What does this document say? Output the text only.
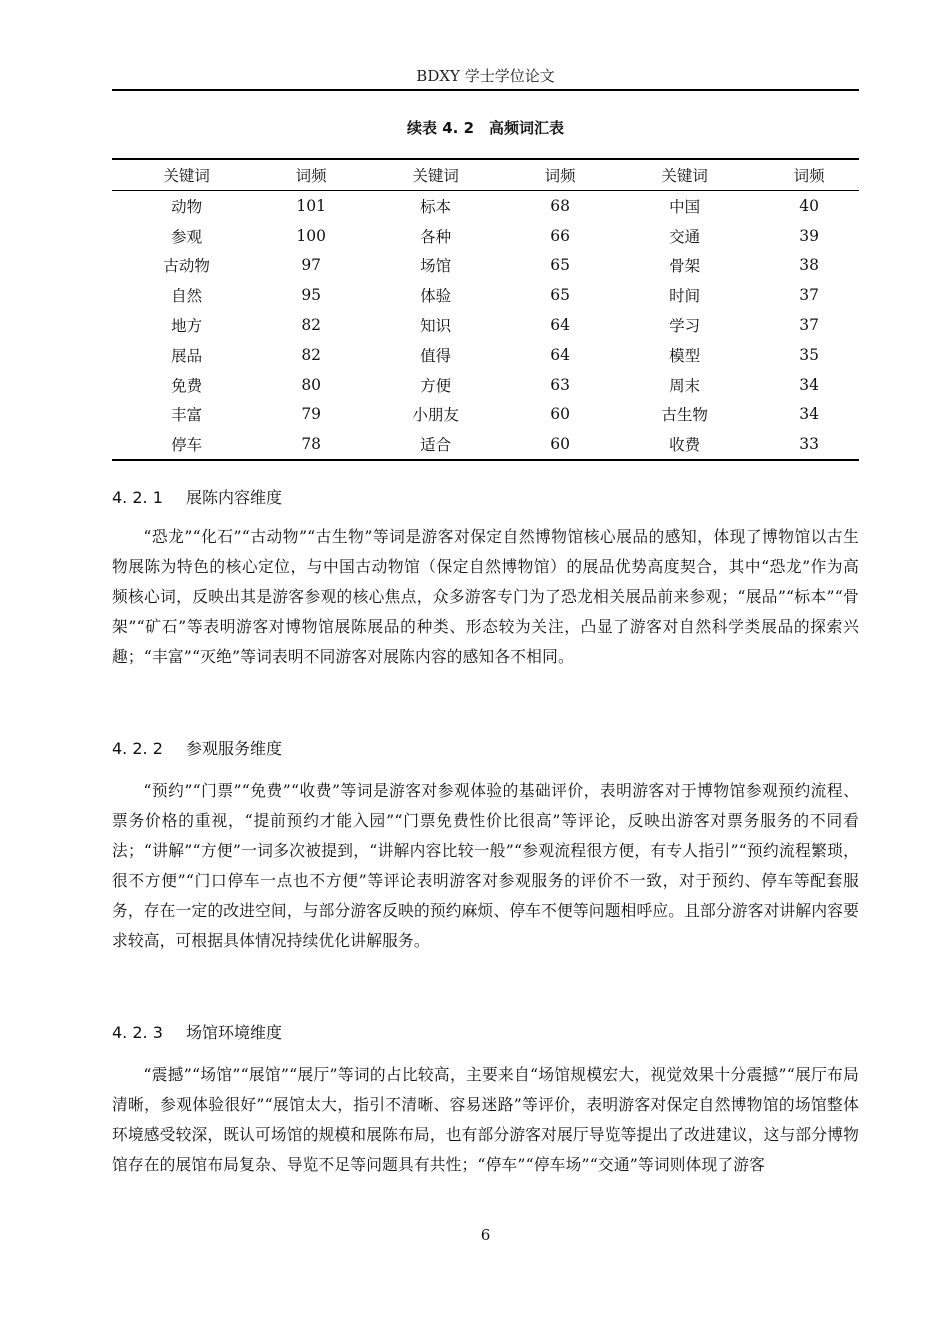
BDXY 学士学位论文
续表 4. 2　高频词汇表
关键词	词频	关键词	词频	关键词	词频
动物	101	标本	68	中国	40
参观	100	各种	66	交通	39
古动物	97	场馆	65	骨架	38
自然	95	体验	65	时间	37
地方	82	知识	64	学习	37
展品	82	值得	64	模型	35
免费	80	方便	63	周末	34
丰富	79	小朋友	60	古生物	34
停车	78	适合	60	收费	33
4. 2. 1 展陈内容维度

“恐龙”“化石”“古动物”“古生物”等词是游客对保定自然博物馆核心展品的感知，体现了博物馆以古生物展陈为特色的核心定位，与中国古动物馆（保定自然博物馆）的展品优势高度契合，其中“恐龙”作为高频核心词，反映出其是游客参观的核心焦点，众多游客专门为了恐龙相关展品前来参观；“展品”“标本”“骨架”“矿石”等表明游客对博物馆展陈展品的种类、形态较为关注，凸显了游客对自然科学类展品的探索兴趣；“丰富”“灭绝”等词表明不同游客对展陈内容的感知各不相同。

4. 2. 2 参观服务维度

“预约”“门票”“免费”“收费”等词是游客对参观体验的基础评价，表明游客对于博物馆参观预约流程、票务价格的重视，“提前预约才能入园”“门票免费性价比很高”等评论，反映出游客对票务服务的不同看法；“讲解”“方便”一词多次被提到，“讲解内容比较一般”“参观流程很方便，有专人指引”“预约流程繁琐，很不方便”“门口停车一点也不方便”等评论表明游客对参观服务的评价不一致，对于预约、停车等配套服务，存在一定的改进空间，与部分游客反映的预约麻烦、停车不便等问题相呼应。且部分游客对讲解内容要求较高，可根据具体情况持续优化讲解服务。

4. 2. 3 场馆环境维度

“震撼”“场馆”“展馆”“展厅”等词的占比较高，主要来自“场馆规模宏大，视觉效果十分震撼”“展厅布局清晰，参观体验很好”“展馆太大，指引不清晰、容易迷路”等评价，表明游客对保定自然博物馆的场馆整体环境感受较深，既认可场馆的规模和展陈布局，也有部分游客对展厅导览等提出了改进建议，这与部分博物馆存在的展馆布局复杂、导览不足等问题具有共性；“停车”“停车场”“交通”等词则体现了游客

6
